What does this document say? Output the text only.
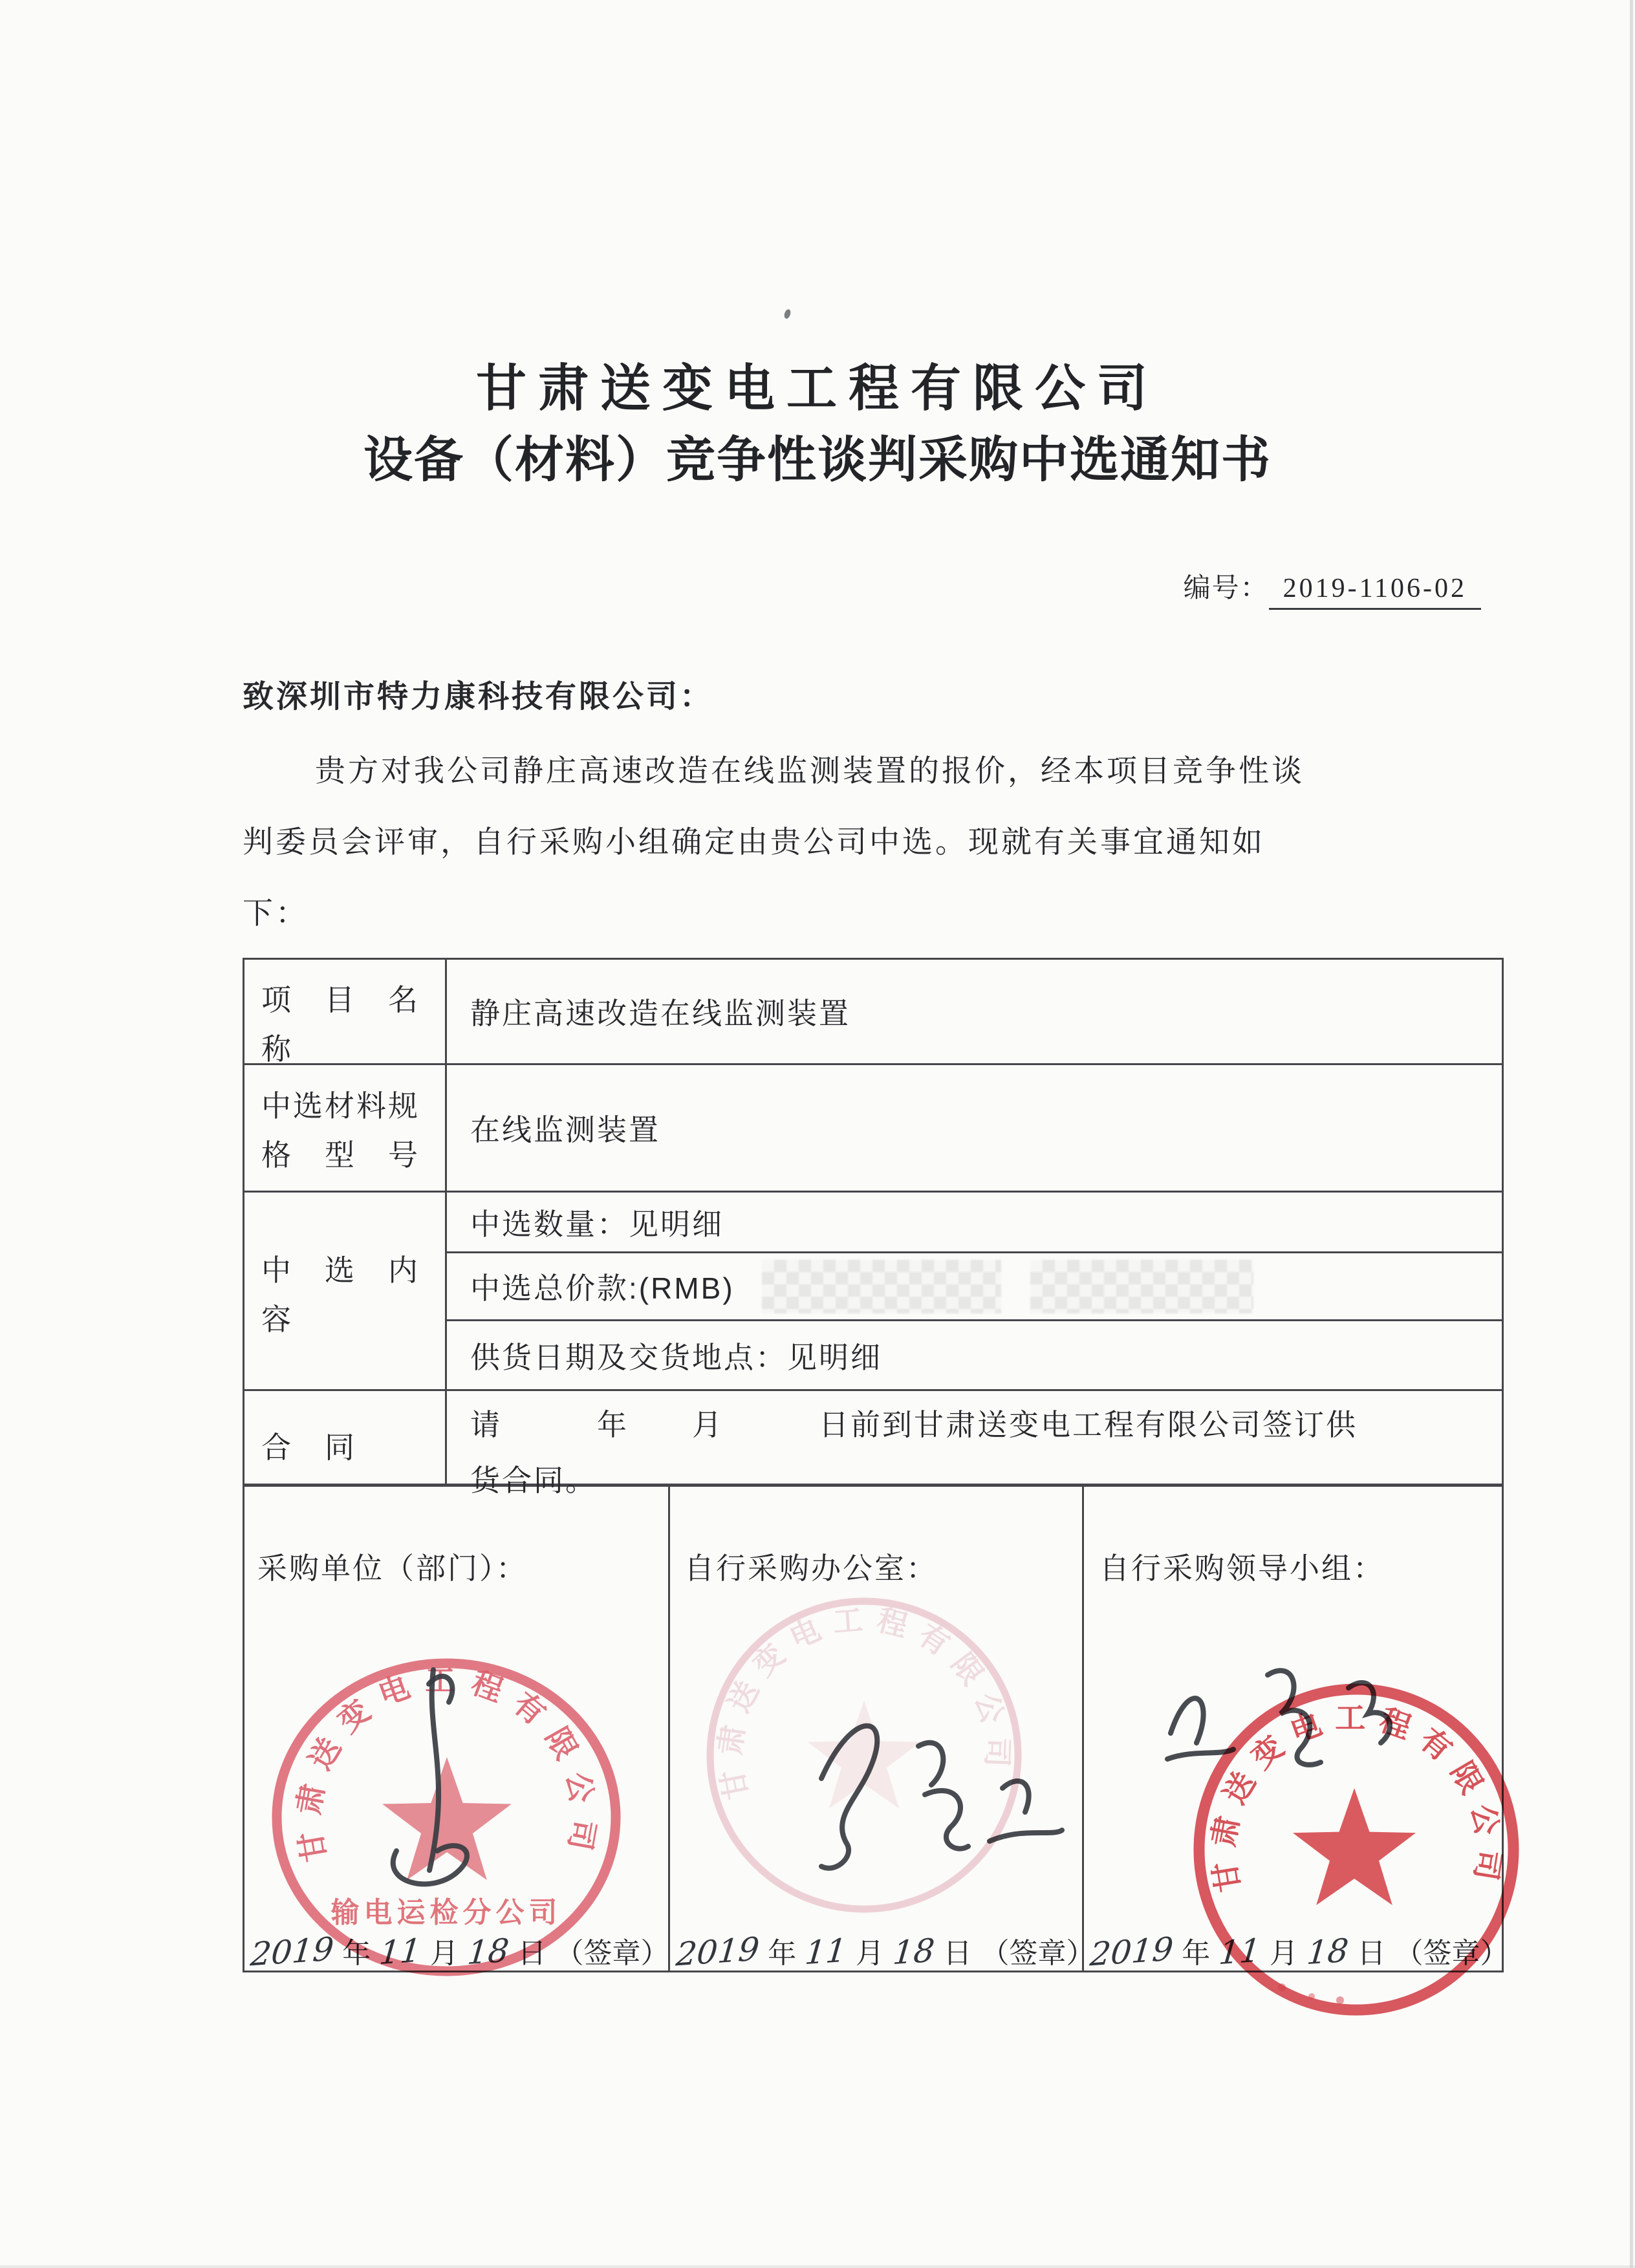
甘肃送变电工程有限公司
设备（材料）竞争性谈判采购中选通知书
编号： 2019-1106-02
致深圳市特力康科技有限公司：
贵方对我公司静庄高速改造在线监测装置的报价，经本项目竞争性谈
判委员会评审，自行采购小组确定由贵公司中选。现就有关事宜通知如
下：
项　目　名
称
静庄高速改造在线监测装置
中选材料规
格　型　号
在线监测装置
中　选　内
容
中选数量：见明细
中选总价款:(RMB)
供货日期及交货地点：见明细
合　同
请　　　年　　月　　　日前到甘肃送变电工程有限公司签订供
货合同。
采购单位（部门）：	自行采购办公室：	自行采购领导小组：
2019 年 11 月 18 日 （签章） 2019 年 11 月 18 日 （签章）
2019 年 11 月 18 日 （签章）
甘肃送变电工程有限公司
输电运检分公司
甘肃送变电工程有限公司
甘肃送变电工程有限公司
